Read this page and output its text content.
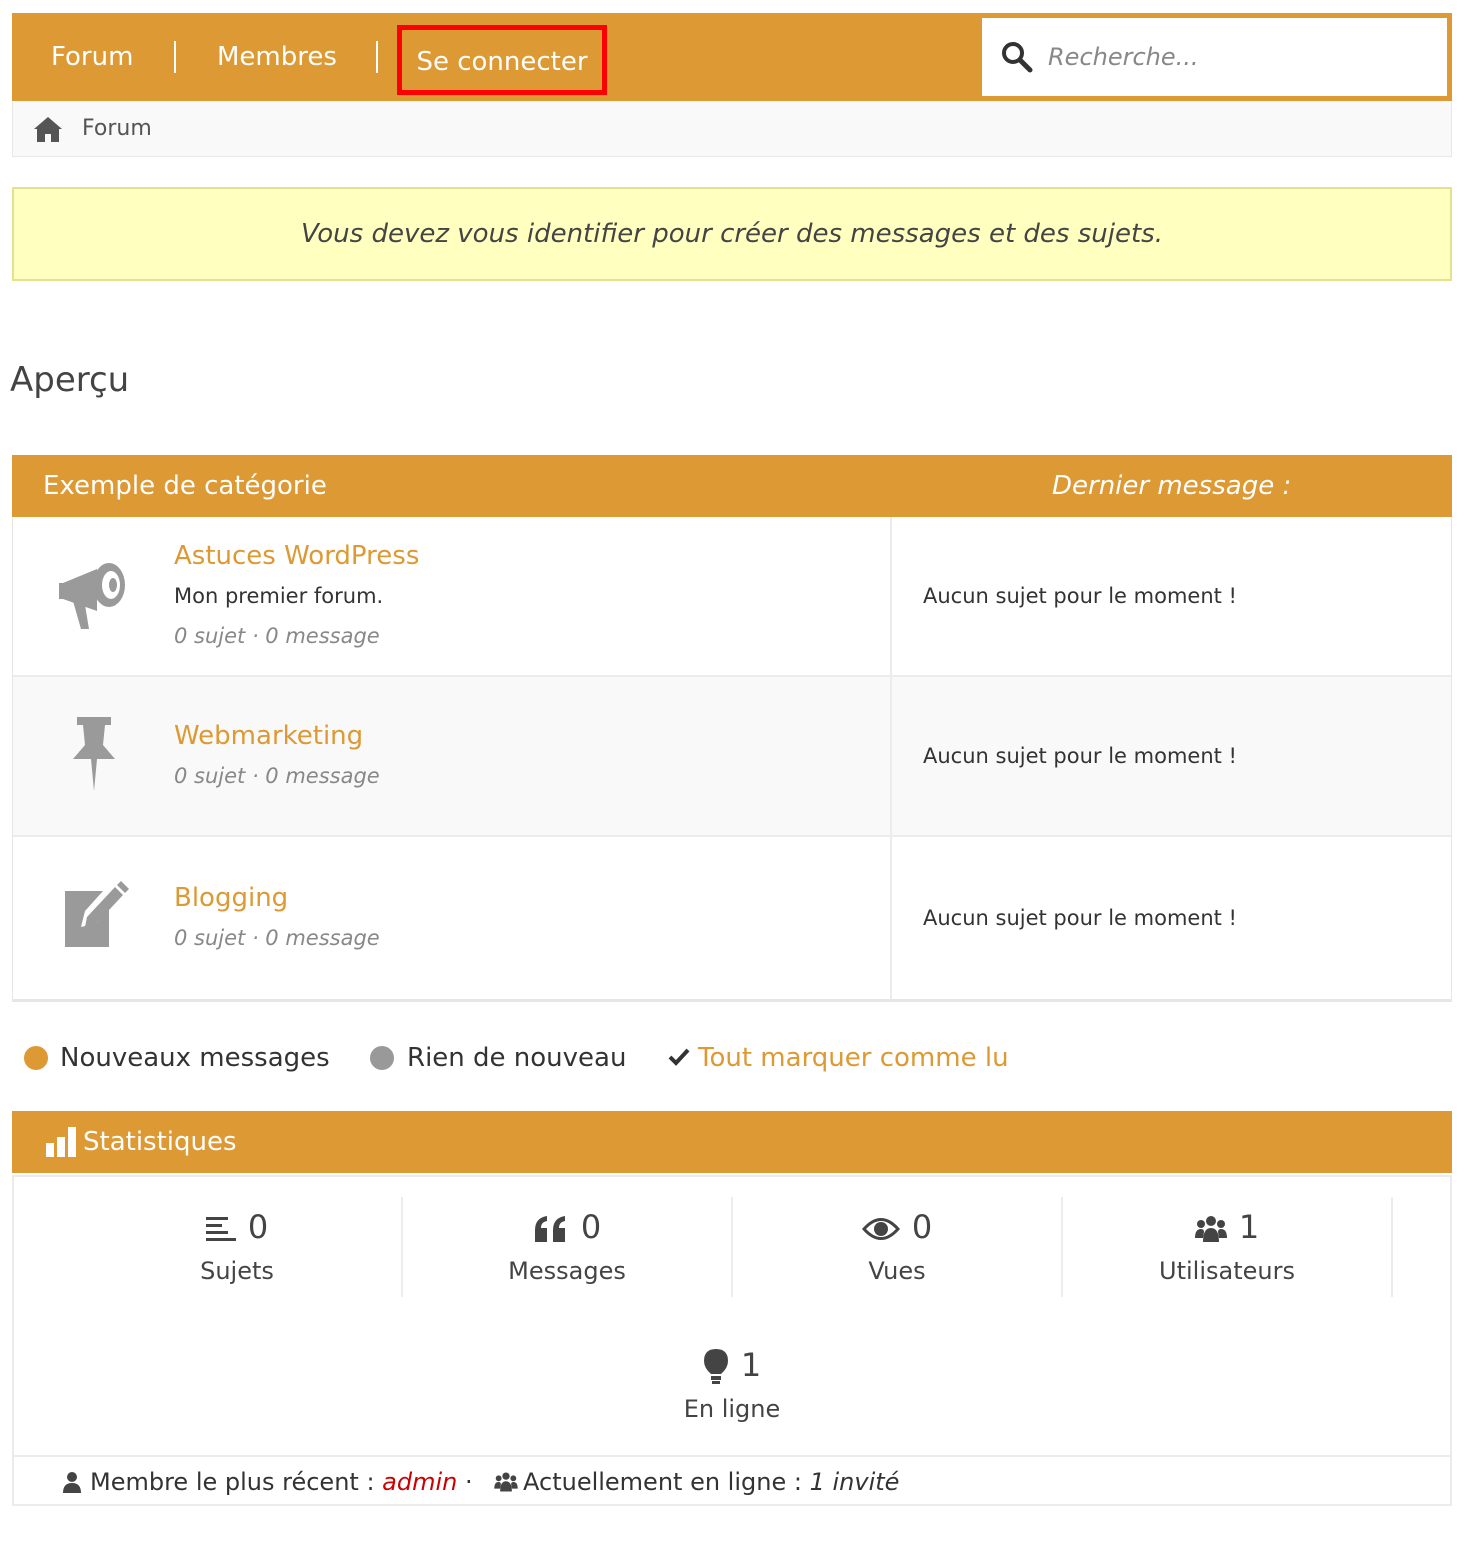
Forum	Membres	Se connecter
Recherche...
Forum
Vous devez vous identifier pour créer des messages et des sujets.
Aperçu
Exemple de catégorie	Dernier message :
Astuces WordPress
Mon premier forum.
0 sujet · 0 message
Aucun sujet pour le moment !
Webmarketing
0 sujet · 0 message
Aucun sujet pour le moment !
Blogging
0 sujet · 0 message
Aucun sujet pour le moment !
Nouveaux messages	Rien de nouveau	Tout marquer comme lu
Statistiques
0
Sujets
0
Messages
0
Vues
1
Utilisateurs
1
En ligne
Membre le plus récent : admin · Actuellement en ligne : 1 invité
